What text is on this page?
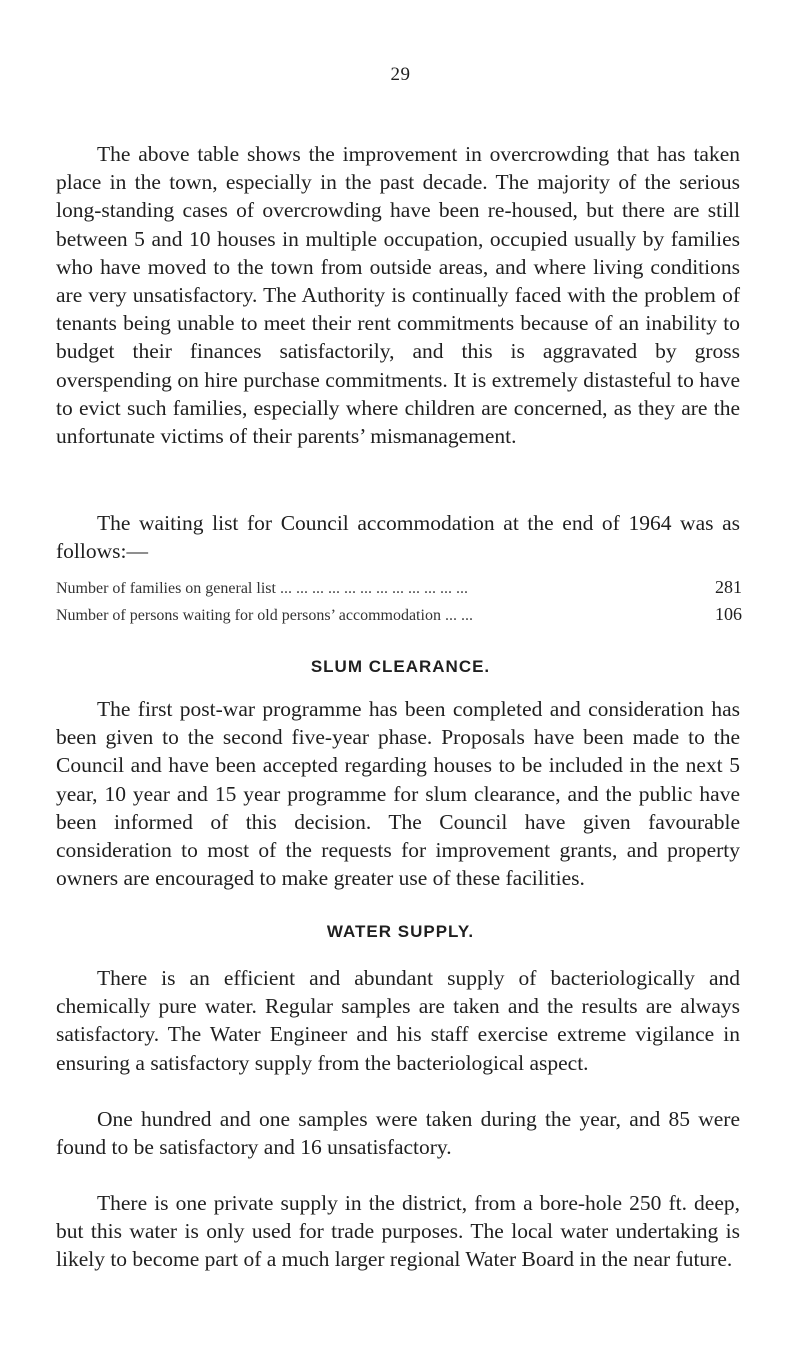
29

The above table shows the improvement in overcrowding that has taken place in the town, especially in the past decade. The majority of the serious long-standing cases of overcrowding have been re-housed, but there are still between 5 and 10 houses in multiple occupation, occupied usually by families who have moved to the town from outside areas, and where living conditions are very unsatisfactory. The Authority is continually faced with the problem of tenants being unable to meet their rent commitments because of an inability to budget their finances satisfactorily, and this is aggravated by gross overspending on hire purchase commitments. It is extremely distasteful to have to evict such families, especially where children are concerned, as they are the unfortunate victims of their parents’ mismanagement.

The waiting list for Council accommodation at the end of 1964 was as follows:—

Number of families on general list ... ... ... ... ... ... ... ... ... ... ... ...	281
Number of persons waiting for old persons’ accommodation ... ...	106
SLUM CLEARANCE.

The first post-war programme has been completed and consideration has been given to the second five-year phase. Proposals have been made to the Council and have been accepted regarding houses to be included in the next 5 year, 10 year and 15 year programme for slum clearance, and the public have been informed of this decision. The Council have given favourable consideration to most of the requests for improvement grants, and property owners are encouraged to make greater use of these facilities.

WATER SUPPLY.

There is an efficient and abundant supply of bacteriologically and chemically pure water. Regular samples are taken and the results are always satisfactory. The Water Engineer and his staff exercise extreme vigilance in ensuring a satisfactory supply from the bacteriological aspect.

One hundred and one samples were taken during the year, and 85 were found to be satisfactory and 16 unsatisfactory.

There is one private supply in the district, from a bore-hole 250 ft. deep, but this water is only used for trade purposes. The local water undertaking is likely to become part of a much larger regional Water Board in the near future.
